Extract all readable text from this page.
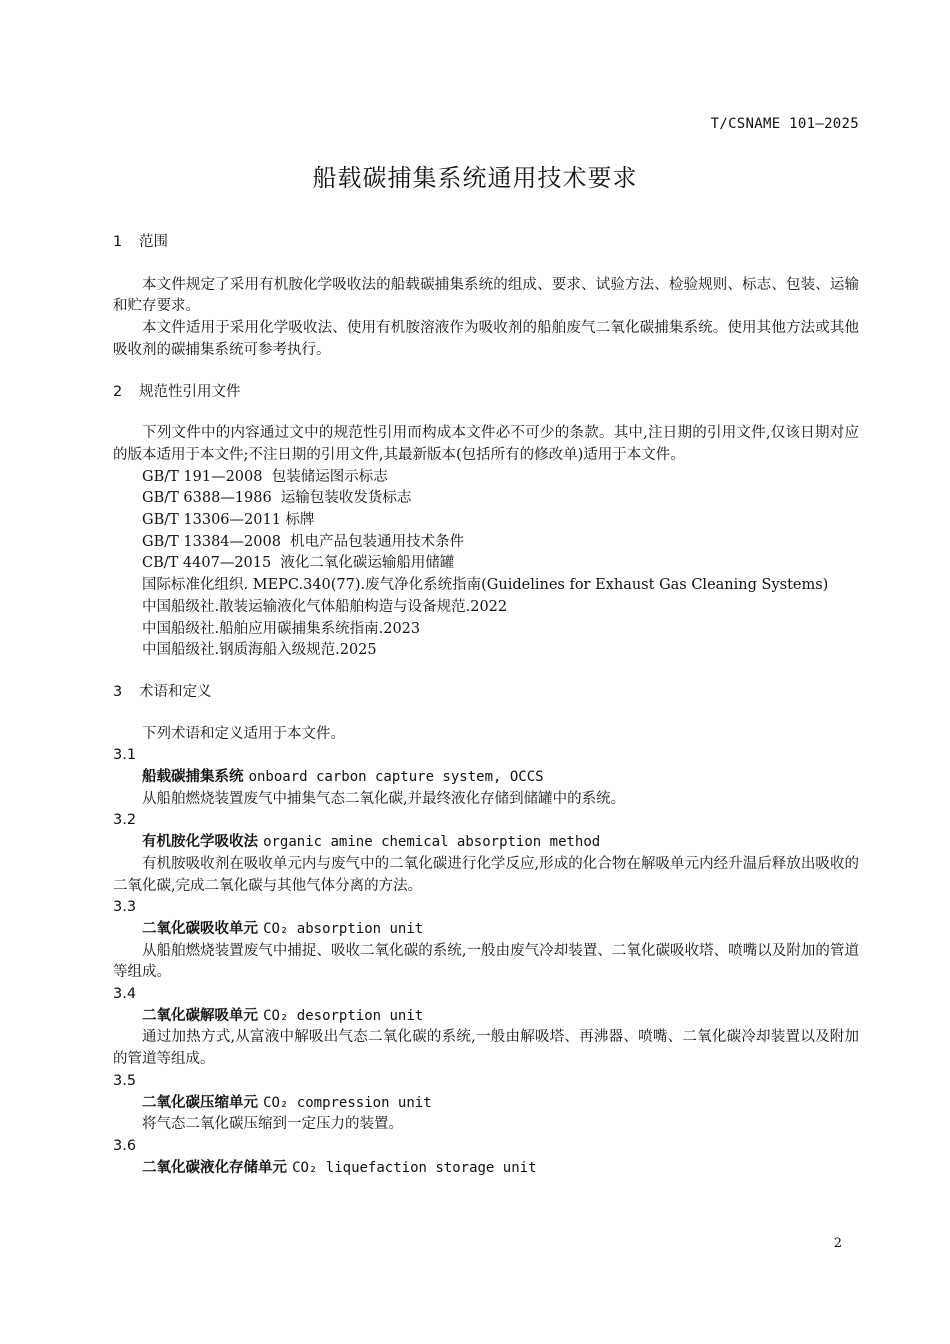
T/CSNAME 101—2025
船载碳捕集系统通用技术要求
1 范围

本文件规定了采用有机胺化学吸收法的船载碳捕集系统的组成、要求、试验方法、检验规则、标志、包装、运输和贮存要求。

本文件适用于采用化学吸收法、使用有机胺溶液作为吸收剂的船舶废气二氧化碳捕集系统。使用其他方法或其他吸收剂的碳捕集系统可参考执行。

2 规范性引用文件

下列文件中的内容通过文中的规范性引用而构成本文件必不可少的条款。其中,注日期的引用文件,仅该日期对应的版本适用于本文件;不注日期的引用文件,其最新版本(包括所有的修改单)适用于本文件。

GB/T 191—2008  包装储运图示标志
GB/T 6388—1986  运输包装收发货标志
GB/T 13306—2011 标牌
GB/T 13384—2008  机电产品包装通用技术条件
CB/T 4407—2015  液化二氧化碳运输船用储罐

国际标准化组织. MEPC.340(77).废气净化系统指南(Guidelines for Exhaust Gas Cleaning Systems)

中国船级社.散装运输液化气体船舶构造与设备规范.2022
中国船级社.船舶应用碳捕集系统指南.2023
中国船级社.钢质海船入级规范.2025
3 术语和定义

下列术语和定义适用于本文件。

3.1
船载碳捕集系统 onboard carbon capture system, OCCS

从船舶燃烧装置废气中捕集气态二氧化碳,并最终液化存储到储罐中的系统。

3.2
有机胺化学吸收法 organic amine chemical absorption method

有机胺吸收剂在吸收单元内与废气中的二氧化碳进行化学反应,形成的化合物在解吸单元内经升温后释放出吸收的二氧化碳,完成二氧化碳与其他气体分离的方法。

3.3
二氧化碳吸收单元 CO₂ absorption unit

从船舶燃烧装置废气中捕捉、吸收二氧化碳的系统,一般由废气冷却装置、二氧化碳吸收塔、喷嘴以及附加的管道等组成。

3.4
二氧化碳解吸单元 CO₂ desorption unit

通过加热方式,从富液中解吸出气态二氧化碳的系统,一般由解吸塔、再沸器、喷嘴、二氧化碳冷却装置以及附加的管道等组成。

3.5
二氧化碳压缩单元 CO₂ compression unit

将气态二氧化碳压缩到一定压力的装置。

3.6
二氧化碳液化存储单元 CO₂ liquefaction storage unit
2
